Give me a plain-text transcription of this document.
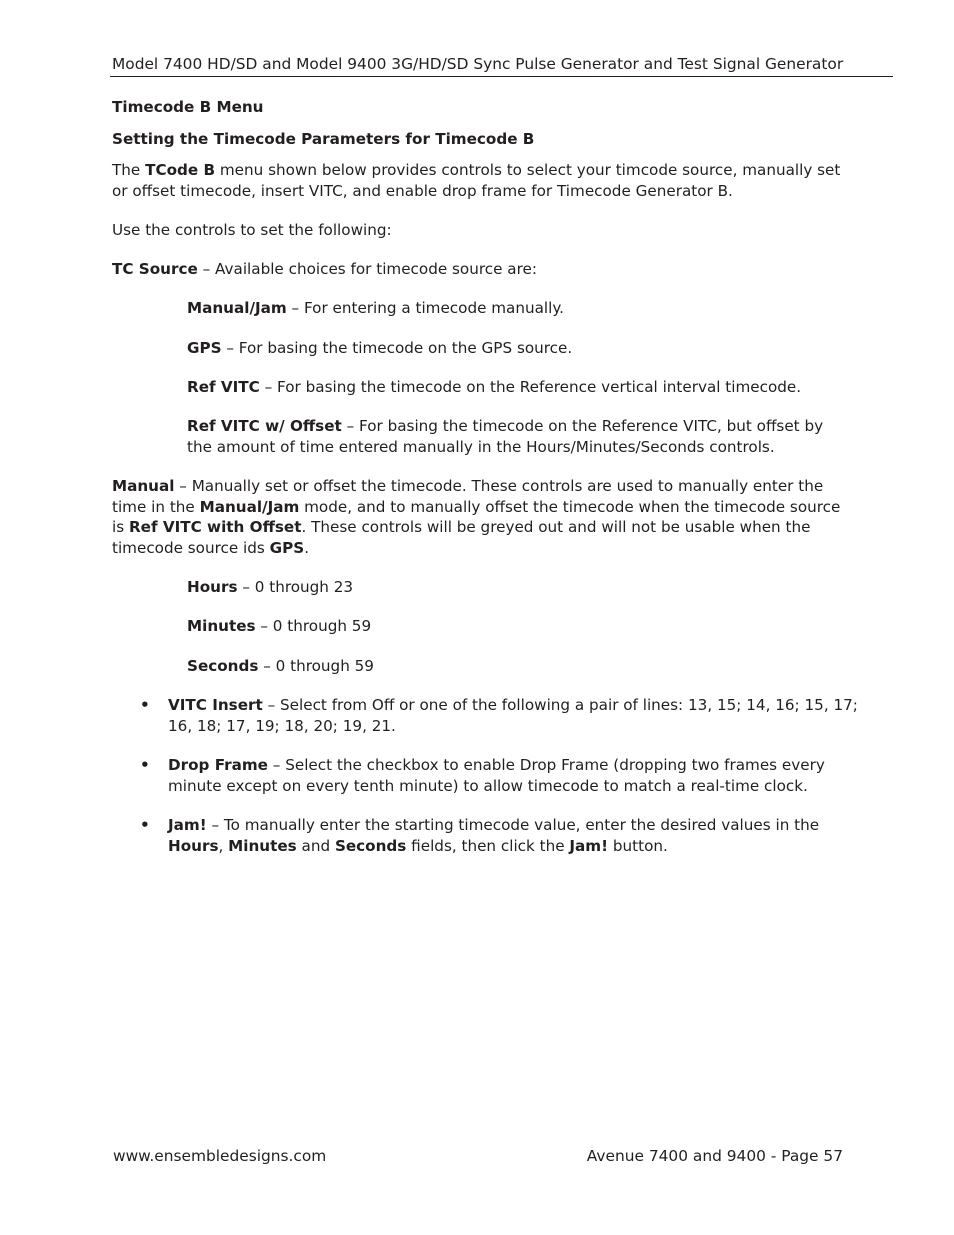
Model 7400 HD/SD and Model 9400 3G/HD/SD Sync Pulse Generator and Test Signal Generator
Timecode B Menu
Setting the Timecode Parameters for Timecode B
The TCode B menu shown below provides controls to select your timcode source, manually set or offset timecode, insert VITC, and enable drop frame for Timecode Generator B.
Use the controls to set the following:
TC Source – Available choices for timecode source are:
Manual/Jam – For entering a timecode manually.
GPS – For basing the timecode on the GPS source.
Ref VITC – For basing the timecode on the Reference vertical interval timecode.
Ref VITC w/ Offset – For basing the timecode on the Reference VITC, but offset by the amount of time entered manually in the Hours/Minutes/Seconds controls.
Manual – Manually set or offset the timecode. These controls are used to manually enter the time in the Manual/Jam mode, and to manually offset the timecode when the timecode source is Ref VITC with Offset. These controls will be greyed out and will not be usable when the timecode source ids GPS.
Hours – 0 through 23
Minutes – 0 through 59
Seconds – 0 through 59
• VITC Insert – Select from Off or one of the following a pair of lines: 13, 15; 14, 16; 15, 17;
16, 18; 17, 19; 18, 20; 19, 21.
• Drop Frame – Select the checkbox to enable Drop Frame (dropping two frames every minute except on every tenth minute) to allow timecode to match a real-time clock.
• Jam! – To manually enter the starting timecode value, enter the desired values in the Hours, Minutes and Seconds fields, then click the Jam! button.
www.ensembledesigns.com	Avenue 7400 and 9400 - Page 57
